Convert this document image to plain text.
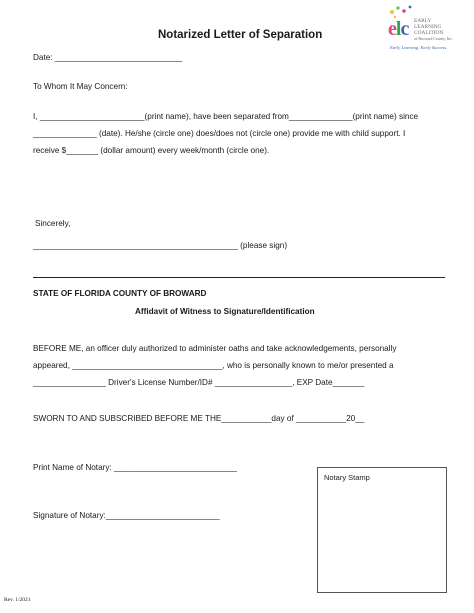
Notarized Letter of Separation	elc EARLY
LEARNING
COALITION
of Broward County, Inc.
Early Learning. Early Success.
Date: ____________________________
To Whom It May Concern:
I, _______________________(print name), have been separated from______________(print name) since
______________ (date). He/she (circle one) does/does not (circle one) provide me with child support. I
receive $_______ (dollar amount) every week/month (circle one).
Sincerely,
_____________________________________________ (please sign)
STATE OF FLORIDA COUNTY OF BROWARD
Affidavit of Witness to Signature/Identification
BEFORE ME, an officer duly authorized to administer oaths and take acknowledgements, personally
appeared, _________________________________, who is personally known to me/or presented a
________________ Driver's License Number/ID# _________________, EXP Date_______
SWORN TO AND SUBSCRIBED BEFORE ME THE___________day of ___________20__
Print Name of Notary: ___________________________
Signature of Notary:_________________________
Notary Stamp
Rev. 1/2021
